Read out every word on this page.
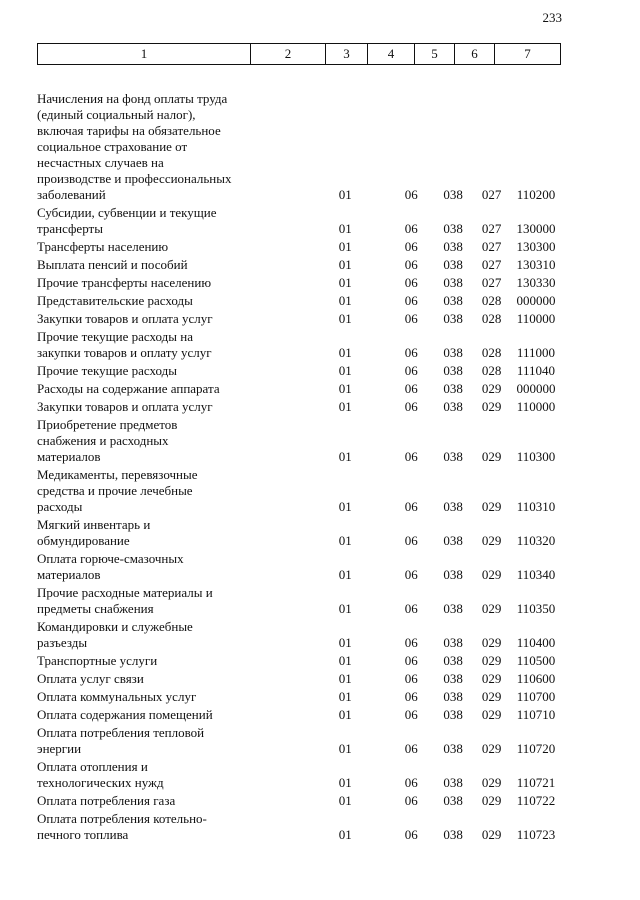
233
1	2	3	4	5	6	7
Начисления на фонд оплаты труда
(единый социальный налог),
включая тарифы на обязательное
социальное страхование от
несчастных случаев на
производстве и профессиональных
заболеваний	01	06	038	027	110200
Субсидии, субвенции и текущие
трансферты	01	06	038	027	130000
Трансферты населению	01	06	038	027	130300
Выплата пенсий и пособий	01	06	038	027	130310
Прочие трансферты населению	01	06	038	027	130330
Представительские расходы	01	06	038	028	000000
Закупки товаров и оплата услуг	01	06	038	028	110000
Прочие текущие расходы на
закупки товаров и оплату услуг	01	06	038	028	111000
Прочие текущие расходы	01	06	038	028	111040
Расходы на содержание аппарата	01	06	038	029	000000
Закупки товаров и оплата услуг	01	06	038	029	110000
Приобретение предметов
снабжения и расходных
материалов	01	06	038	029	110300
Медикаменты, перевязочные
средства и прочие лечебные
расходы	01	06	038	029	110310
Мягкий инвентарь и
обмундирование	01	06	038	029	110320
Оплата горюче-смазочных
материалов	01	06	038	029	110340
Прочие расходные материалы и
предметы снабжения	01	06	038	029	110350
Командировки и служебные
разъезды	01	06	038	029	110400
Транспортные услуги	01	06	038	029	110500
Оплата услуг связи	01	06	038	029	110600
Оплата коммунальных услуг	01	06	038	029	110700
Оплата содержания помещений	01	06	038	029	110710
Оплата потребления тепловой
энергии	01	06	038	029	110720
Оплата отопления и
технологических нужд	01	06	038	029	110721
Оплата потребления газа	01	06	038	029	110722
Оплата потребления котельно-
печного топлива	01	06	038	029	110723
